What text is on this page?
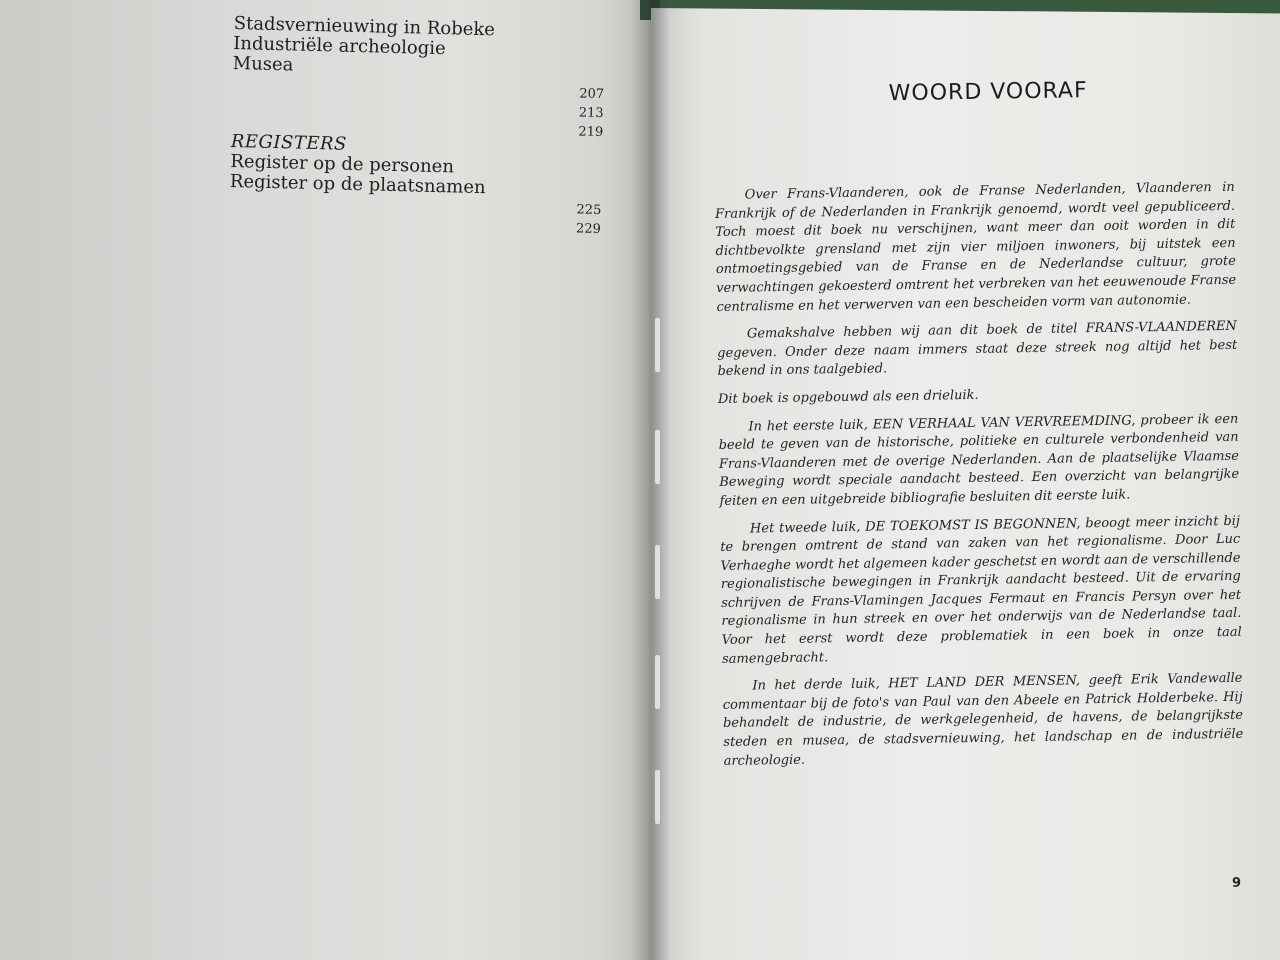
Stadsvernieuwing in Robeke
Industriële archeologie
Musea
207
213
219
REGISTERS
Register op de personen
Register op de plaatsnamen
225
229
WOORD VOORAF

Over Frans-Vlaanderen, ook de Franse Nederlanden, Vlaanderen in Frankrijk of de Nederlanden in Frankrijk genoemd, wordt veel gepubliceerd. Toch moest dit boek nu verschijnen, want meer dan ooit worden in dit dichtbevolkte grensland met zijn vier miljoen inwoners, bij uitstek een ontmoetingsgebied van de Franse en de Nederlandse cultuur, grote verwachtingen gekoesterd omtrent het verbreken van het eeuwenoude Franse centralisme en het verwerven van een bescheiden vorm van autonomie.

Gemakshalve hebben wij aan dit boek de titel FRANS-VLAANDEREN gegeven. Onder deze naam immers staat deze streek nog altijd het best bekend in ons taalgebied.

Dit boek is opgebouwd als een drieluik.

In het eerste luik, EEN VERHAAL VAN VERVREEMDING, probeer ik een beeld te geven van de historische, politieke en culturele verbondenheid van Frans-Vlaanderen met de overige Nederlanden. Aan de plaatselijke Vlaamse Beweging wordt speciale aandacht besteed. Een overzicht van belangrijke feiten en een uitgebreide bibliografie besluiten dit eerste luik.

Het tweede luik, DE TOEKOMST IS BEGONNEN, beoogt meer inzicht bij te brengen omtrent de stand van zaken van het regionalisme. Door Luc Verhaeghe wordt het algemeen kader geschetst en wordt aan de verschillende regionalistische bewegingen in Frankrijk aandacht besteed. Uit de ervaring schrijven de Frans-Vlamingen Jacques Fermaut en Francis Persyn over het regionalisme in hun streek en over het onderwijs van de Nederlandse taal. Voor het eerst wordt deze problematiek in een boek in onze taal samengebracht.

In het derde luik, HET LAND DER MENSEN, geeft Erik Vandewalle commentaar bij de foto's van Paul van den Abeele en Patrick Holderbeke. Hij behandelt de industrie, de werkgelegenheid, de havens, de belangrijkste steden en musea, de stadsvernieuwing, het landschap en de industriële archeologie.

9
